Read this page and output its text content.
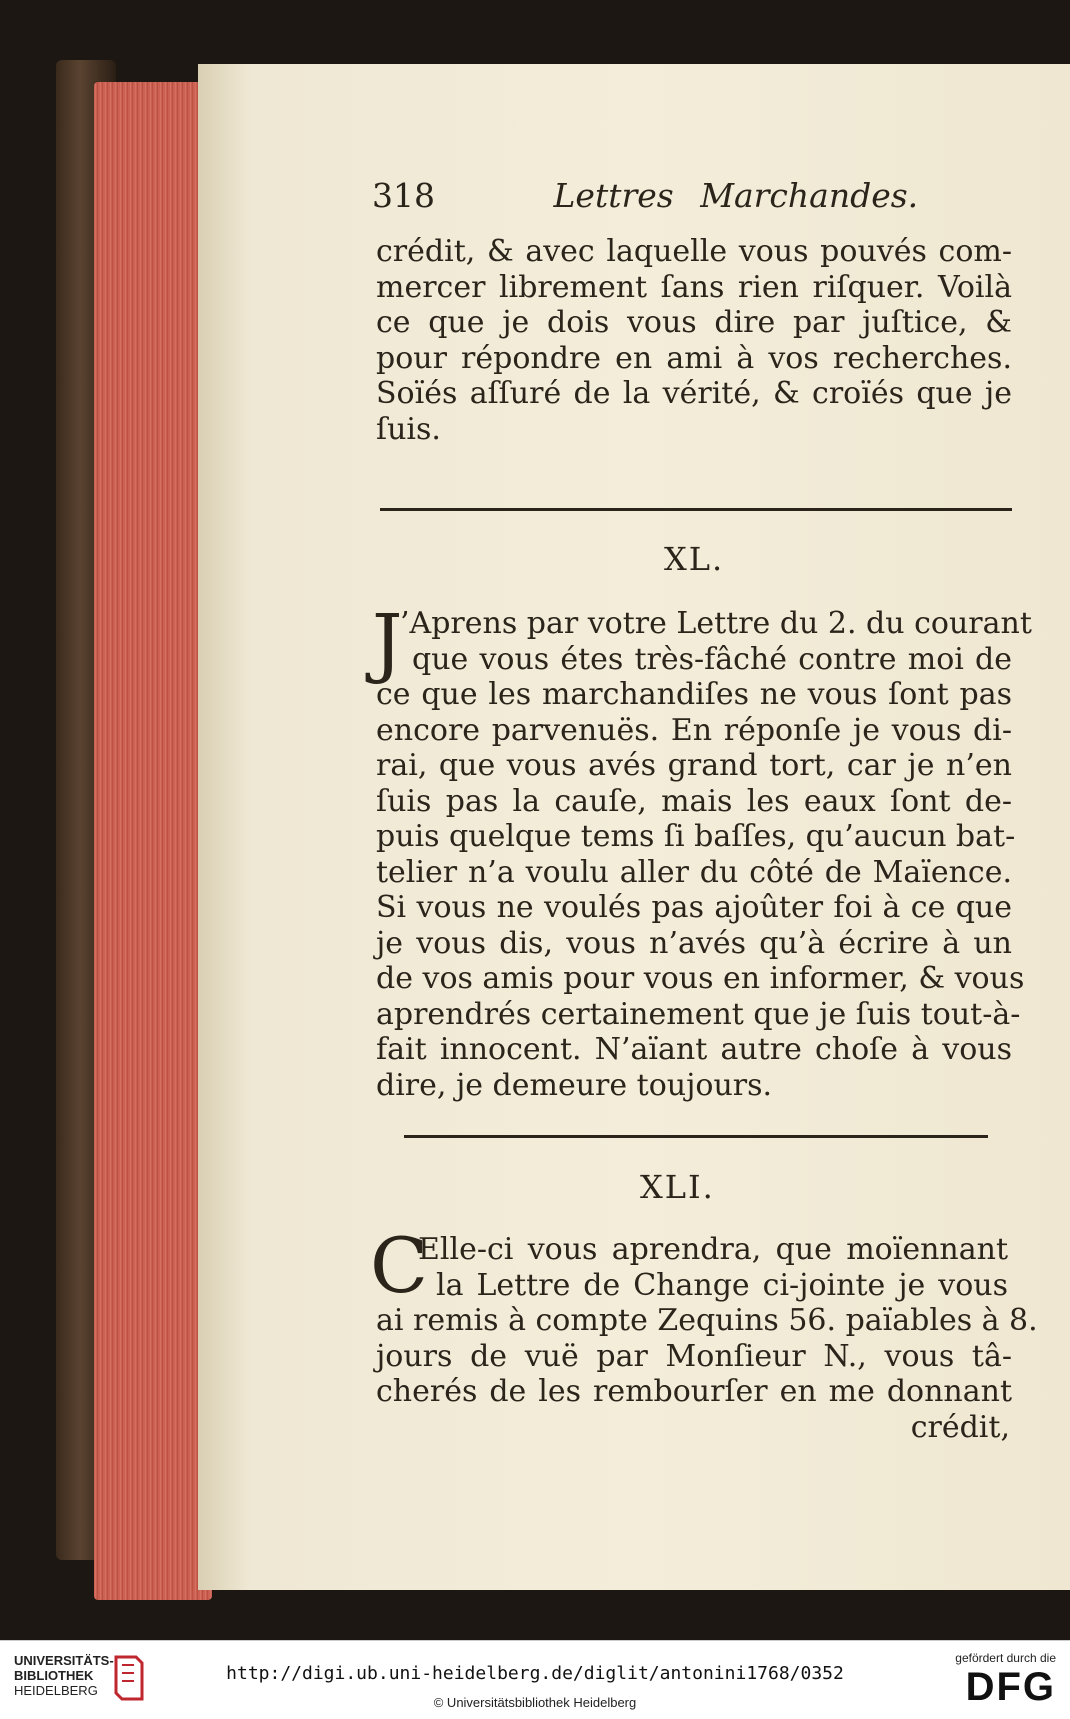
318	Lettres Marchandes.
crédit, & avec laquelle vous pouvés com-
mercer librement ſans rien riſquer. Voilà
ce que je dois vous dire par juſtice, &
pour répondre en ami à vos recherches.
Soïés aſſuré de la vérité, & croïés que je
ſuis.
XL.
J
’Aprens par votre Lettre du 2. du courant
que vous étes très-fâché contre moi de
ce que les marchandiſes ne vous ſont pas
encore parvenuës. En réponſe je vous di-
rai, que vous avés grand tort, car je n’en
ſuis pas la cauſe, mais les eaux ſont de-
puis quelque tems ſi baſſes, qu’aucun bat-
telier n’a voulu aller du côté de Maïence.
Si vous ne voulés pas ajoûter foi à ce que
je vous dis, vous n’avés qu’à écrire à un
de vos amis pour vous en informer, & vous
aprendrés certainement que je ſuis tout-à-
fait innocent. N’aïant autre choſe à vous
dire, je demeure toujours.
XLI.
C
Elle-ci vous aprendra, que moïennant
la Lettre de Change ci-jointe je vous
ai remis à compte Zequins 56. païables à 8.
jours de vuë par Monſieur N., vous tâ-
cherés de les rembourſer en me donnant
crédit,
UNIVERSITÄTS-
BIBLIOTHEK
HEIDELBERG
http://digi.ub.uni-heidelberg.de/diglit/antonini1768/0352
© Universitätsbibliothek Heidelberg
gefördert durch die
DFG
